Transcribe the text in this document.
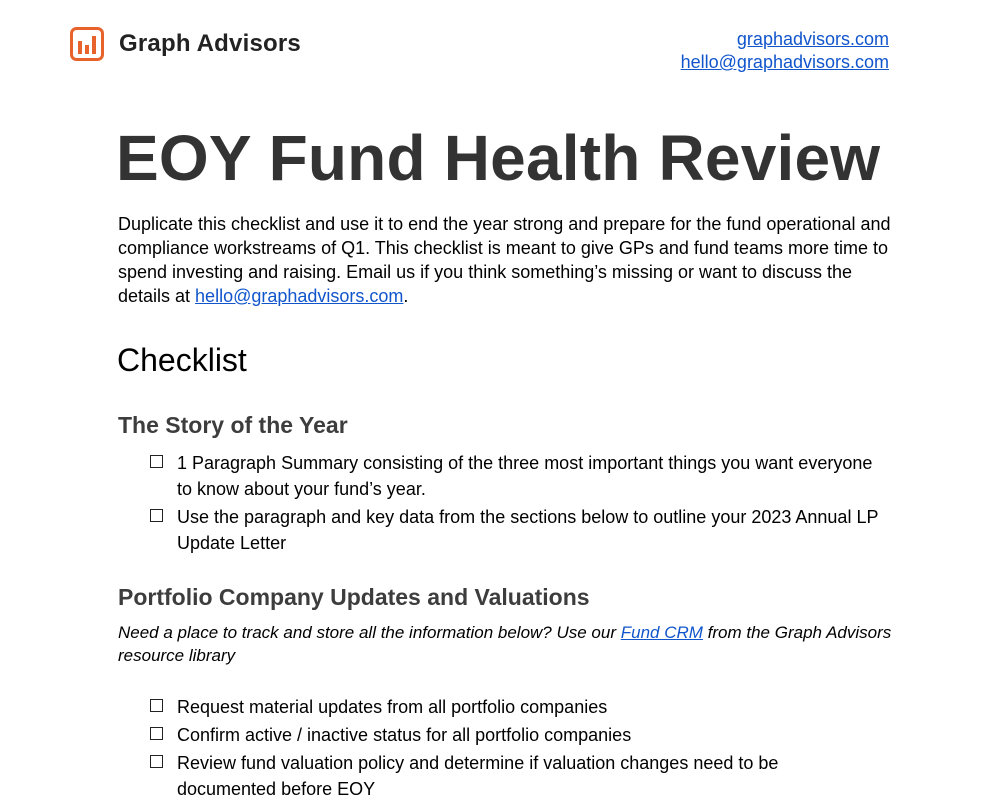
Graph Advisors	graphadvisors.com
hello@graphadvisors.com
EOY Fund Health Review

Duplicate this checklist and use it to end the year strong and prepare for the fund operational and compliance workstreams of Q1. This checklist is meant to give GPs and fund teams more time to spend investing and raising. Email us if you think something’s missing or want to discuss the details at hello@graphadvisors.com.

Checklist
The Story of the Year
1 Paragraph Summary consisting of the three most important things you want everyone to know about your fund’s year.
Use the paragraph and key data from the sections below to outline your 2023 Annual LP Update Letter
Portfolio Company Updates and Valuations

Need a place to track and store all the information below? Use our Fund CRM from the Graph Advisors resource library

Request material updates from all portfolio companies
Confirm active / inactive status for all portfolio companies
Review fund valuation policy and determine if valuation changes need to be documented before EOY
